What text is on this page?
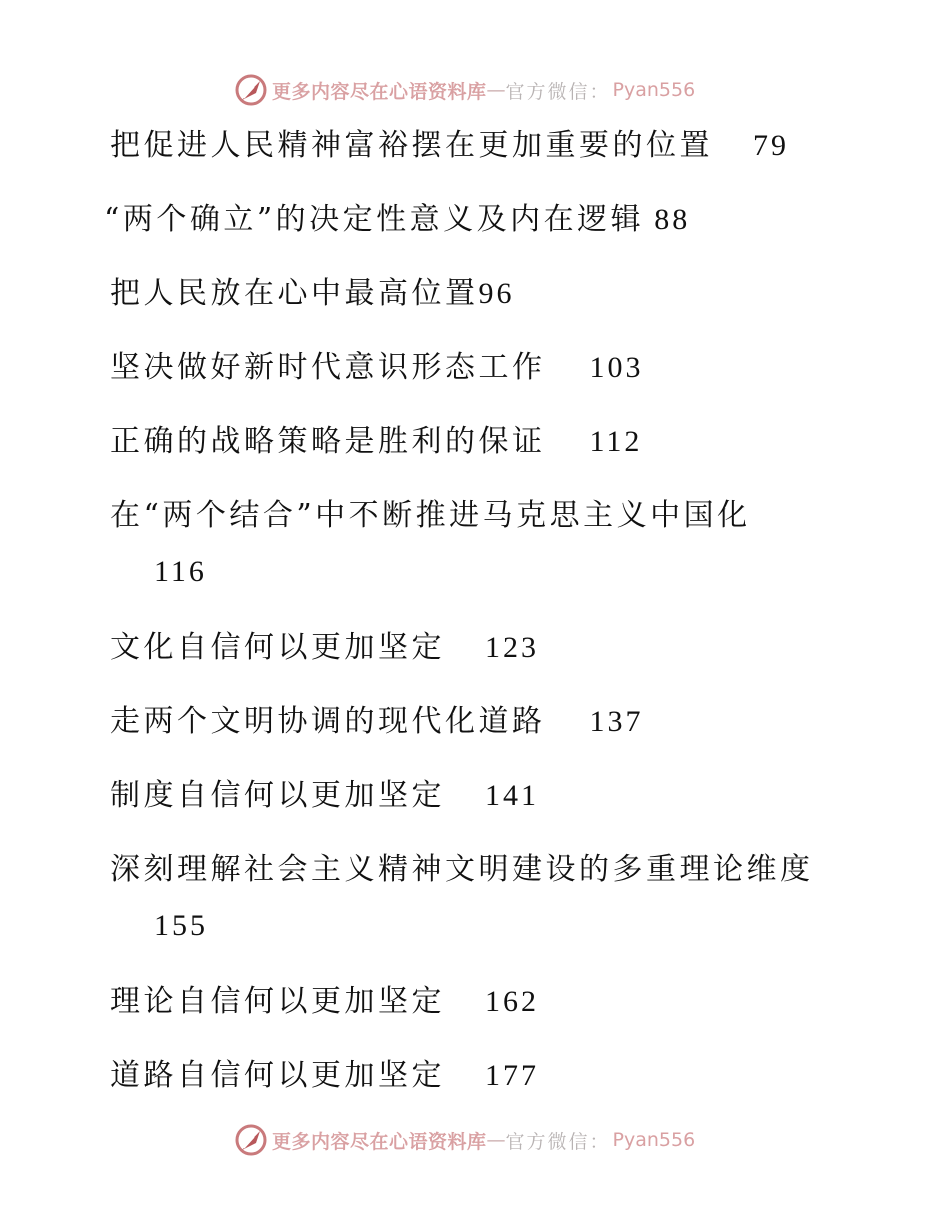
更多内容尽在心语资料库 — 官方微信： Pyan556
把促进人民精神富裕摆在更加重要的位置 79
“两个确立”的决定性意义及内在逻辑 88
把人民放在心中最高位置96
坚决做好新时代意识形态工作 103
正确的战略策略是胜利的保证 112
在“两个结合”中不断推进马克思主义中国化
116
文化自信何以更加坚定 123
走两个文明协调的现代化道路 137
制度自信何以更加坚定 141
深刻理解社会主义精神文明建设的多重理论维度
155
理论自信何以更加坚定 162
道路自信何以更加坚定 177
更多内容尽在心语资料库 — 官方微信： Pyan556
